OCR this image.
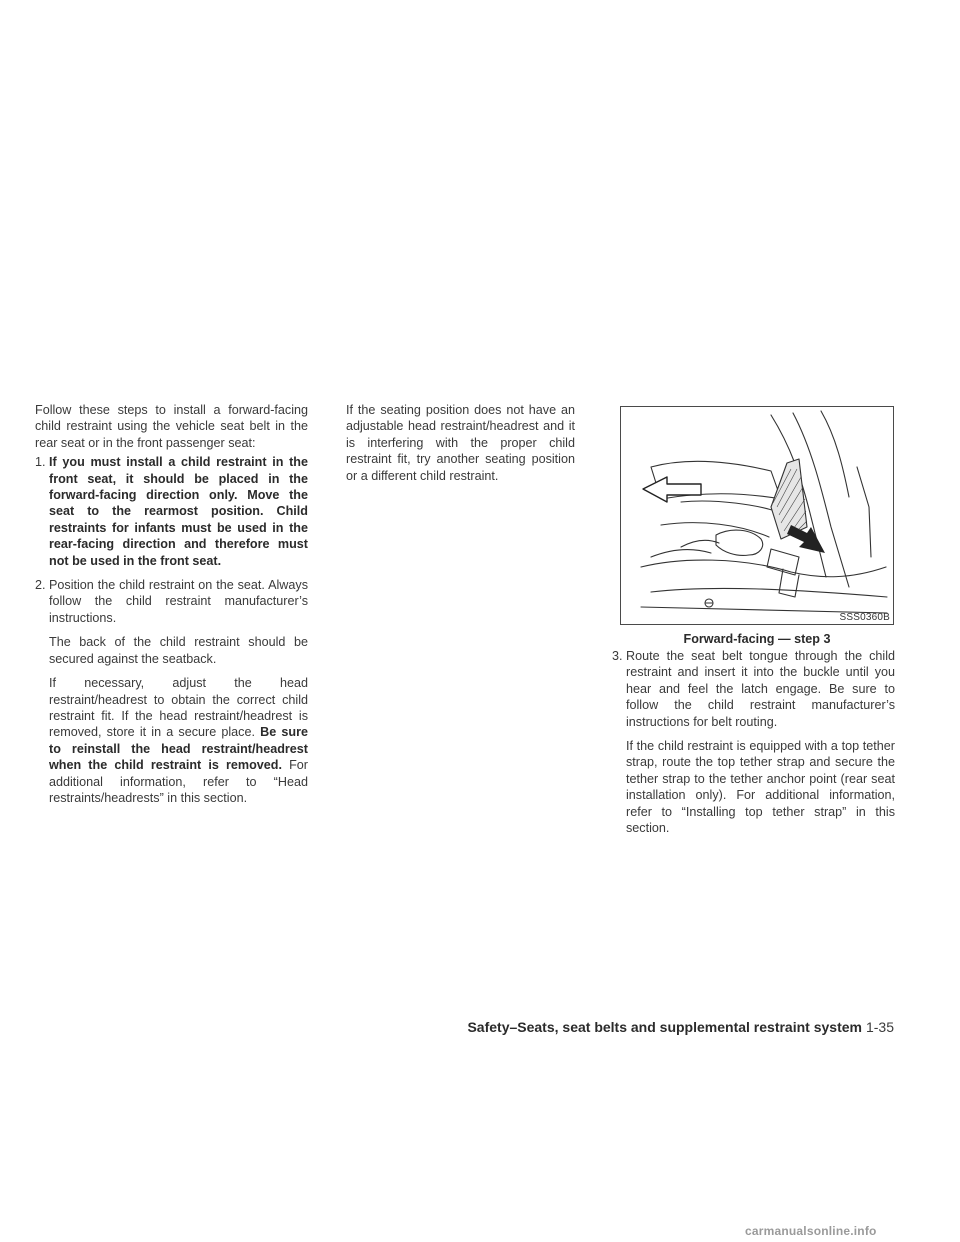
Follow these steps to install a forward-facing child restraint using the vehicle seat belt in the rear seat or in the front passenger seat:

1. If you must install a child restraint in the front seat, it should be placed in the forward-facing direction only. Move the seat to the rearmost position. Child restraints for infants must be used in the rear-facing direction and therefore must not be used in the front seat.

2. Position the child restraint on the seat. Always follow the child restraint manufacturer’s instructions.

The back of the child restraint should be secured against the seatback.

If necessary, adjust the head restraint/headrest to obtain the correct child restraint fit. If the head restraint/headrest is removed, store it in a secure place. Be sure to reinstall the head restraint/headrest when the child restraint is removed. For additional information, refer to “Head restraints/headrests” in this section.

If the seating position does not have an adjustable head restraint/headrest and it is interfering with the proper child restraint fit, try another seating position or a different child restraint.

SSS0360B
Forward-facing — step 3
3. Route the seat belt tongue through the child restraint and insert it into the buckle until you hear and feel the latch engage. Be sure to follow the child restraint manufacturer’s instructions for belt routing.

If the child restraint is equipped with a top tether strap, route the top tether strap and secure the tether strap to the tether anchor point (rear seat installation only). For additional information, refer to “Installing top tether strap” in this section.

Safety–Seats, seat belts and supplemental restraint system 1-35
carmanualsonline.info
